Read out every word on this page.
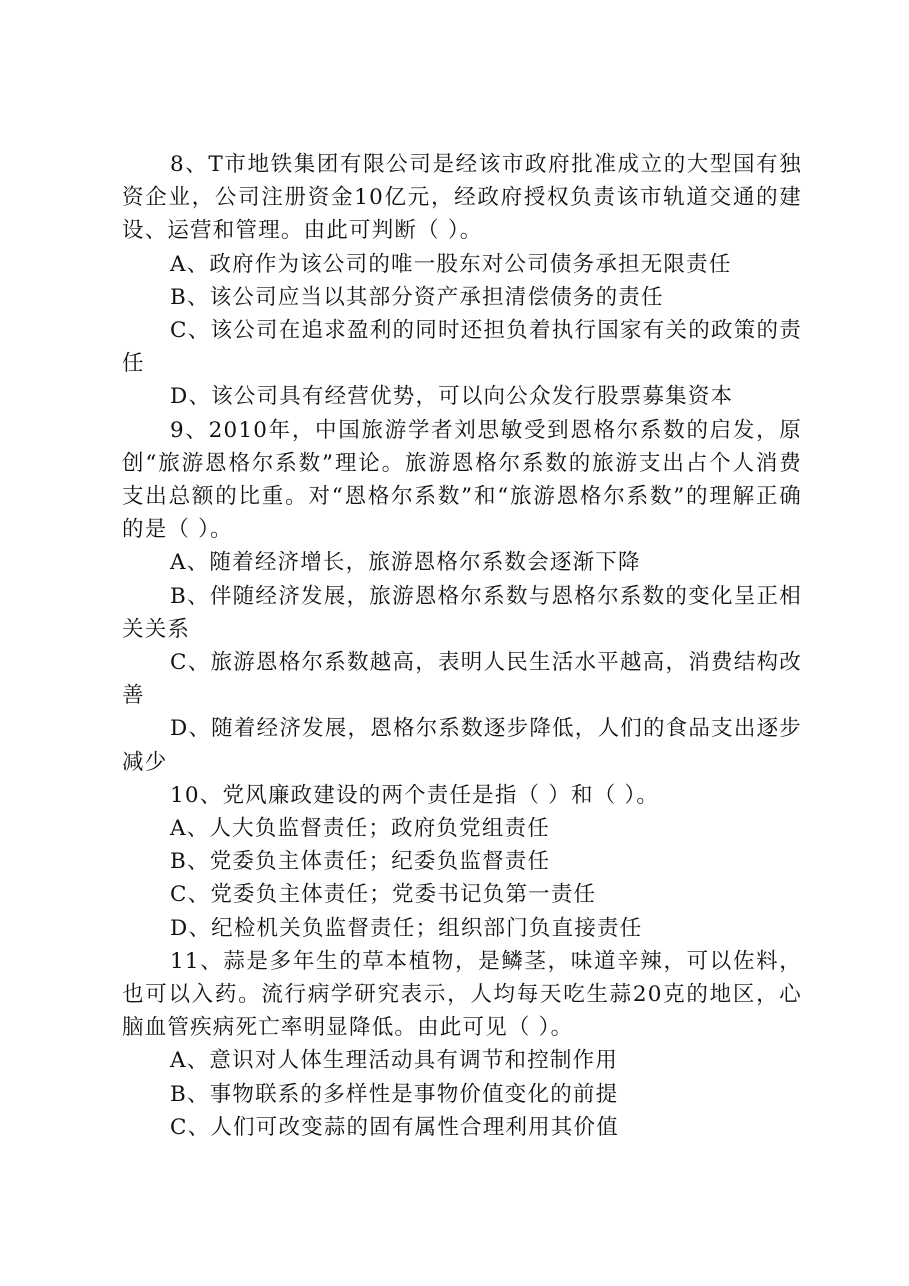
8、T市地铁集团有限公司是经该市政府批准成立的大型国有独资企业，公司注册资金10亿元，经政府授权负责该市轨道交通的建设、运营和管理。由此可判断（ ）。

A、政府作为该公司的唯一股东对公司债务承担无限责任

B、该公司应当以其部分资产承担清偿债务的责任

C、该公司在追求盈利的同时还担负着执行国家有关的政策的责任

D、该公司具有经营优势，可以向公众发行股票募集资本

9、2010年，中国旅游学者刘思敏受到恩格尔系数的启发，原创“旅游恩格尔系数”理论。旅游恩格尔系数的旅游支出占个人消费支出总额的比重。对“恩格尔系数”和“旅游恩格尔系数”的理解正确的是（ ）。

A、随着经济增长，旅游恩格尔系数会逐渐下降

B、伴随经济发展，旅游恩格尔系数与恩格尔系数的变化呈正相关关系

C、旅游恩格尔系数越高，表明人民生活水平越高，消费结构改善

D、随着经济发展，恩格尔系数逐步降低，人们的食品支出逐步减少

10、党风廉政建设的两个责任是指（ ）和（ ）。

A、人大负监督责任；政府负党组责任

B、党委负主体责任；纪委负监督责任

C、党委负主体责任；党委书记负第一责任

D、纪检机关负监督责任；组织部门负直接责任

11、蒜是多年生的草本植物，是鳞茎，味道辛辣，可以佐料，也可以入药。流行病学研究表示，人均每天吃生蒜20克的地区，心脑血管疾病死亡率明显降低。由此可见（ ）。

A、意识对人体生理活动具有调节和控制作用

B、事物联系的多样性是事物价值变化的前提

C、人们可改变蒜的固有属性合理利用其价值
